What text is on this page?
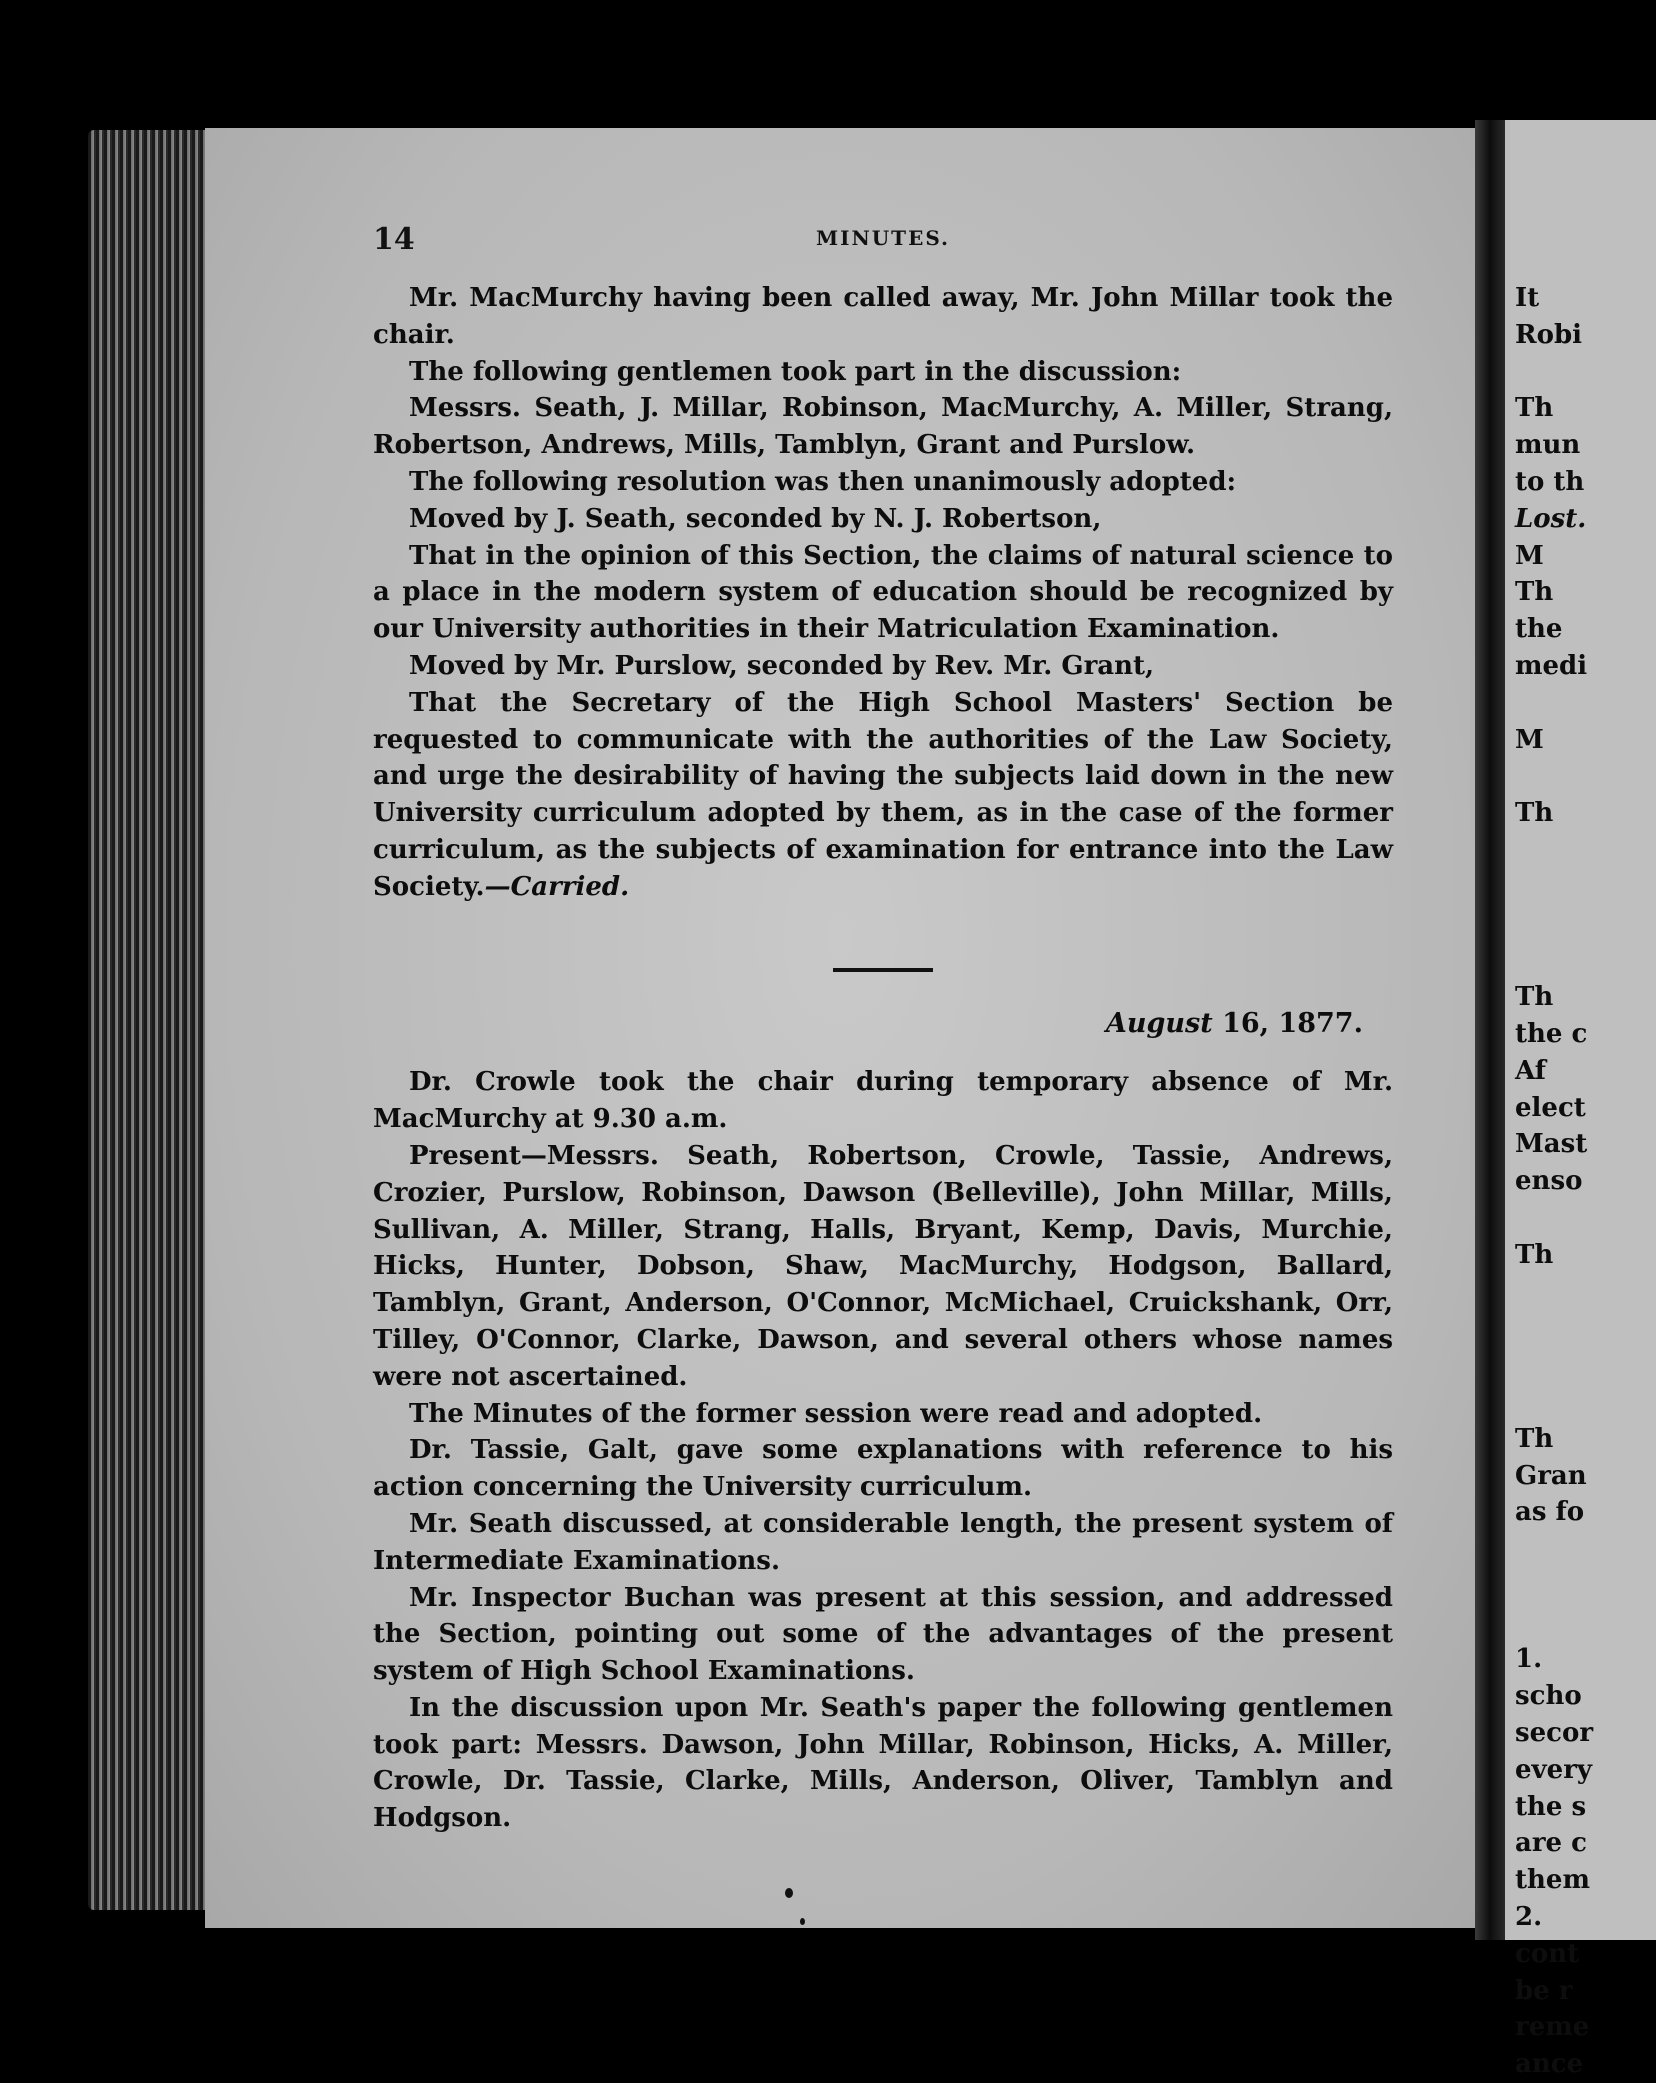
14	MINUTES.

Mr. MacMurchy having been called away, Mr. John Millar took the chair.

The following gentlemen took part in the discussion:

Messrs. Seath, J. Millar, Robinson, MacMurchy, A. Miller, Strang, Robertson, Andrews, Mills, Tamblyn, Grant and Purslow.

The following resolution was then unanimously adopted:

Moved by J. Seath, seconded by N. J. Robertson,

That in the opinion of this Section, the claims of natural science to a place in the modern system of education should be recognized by our University authorities in their Matriculation Examination.

Moved by Mr. Purslow, seconded by Rev. Mr. Grant,

That the Secretary of the High School Masters' Section be requested to communicate with the authorities of the Law Society, and urge the desirability of having the subjects laid down in the new University curriculum adopted by them, as in the case of the former curriculum, as the subjects of examination for entrance into the Law Society.—Carried.

August 16, 1877.

Dr. Crowle took the chair during temporary absence of Mr. MacMurchy at 9.30 a.m.

Present—Messrs. Seath, Robertson, Crowle, Tassie, Andrews, Crozier, Purslow, Robinson, Dawson (Belleville), John Millar, Mills, Sullivan, A. Miller, Strang, Halls, Bryant, Kemp, Davis, Murchie, Hicks, Hunter, Dobson, Shaw, MacMurchy, Hodgson, Ballard, Tamblyn, Grant, Anderson, O'Connor, McMichael, Cruickshank, Orr, Tilley, O'Connor, Clarke, Dawson, and several others whose names were not ascertained.

The Minutes of the former session were read and adopted.

Dr. Tassie, Galt, gave some explanations with reference to his action concerning the University curriculum.

Mr. Seath discussed, at considerable length, the present system of Intermediate Examinations.

Mr. Inspector Buchan was present at this session, and addressed the Section, pointing out some of the advantages of the present system of High School Examinations.

In the discussion upon Mr. Seath's paper the following gentlemen took part: Messrs. Dawson, John Millar, Robinson, Hicks, A. Miller, Crowle, Dr. Tassie, Clarke, Mills, Anderson, Oliver, Tamblyn and Hodgson.

It
Robi
Th
mun
to th
Lost.
M
Th
the
medi
M
Th
Th
the c
Af
elect
Mast
enso
Th
Th
Gran
as fo
1.
scho
secor
every
the s
are c
them
2.
cont
be r
reme
ance
